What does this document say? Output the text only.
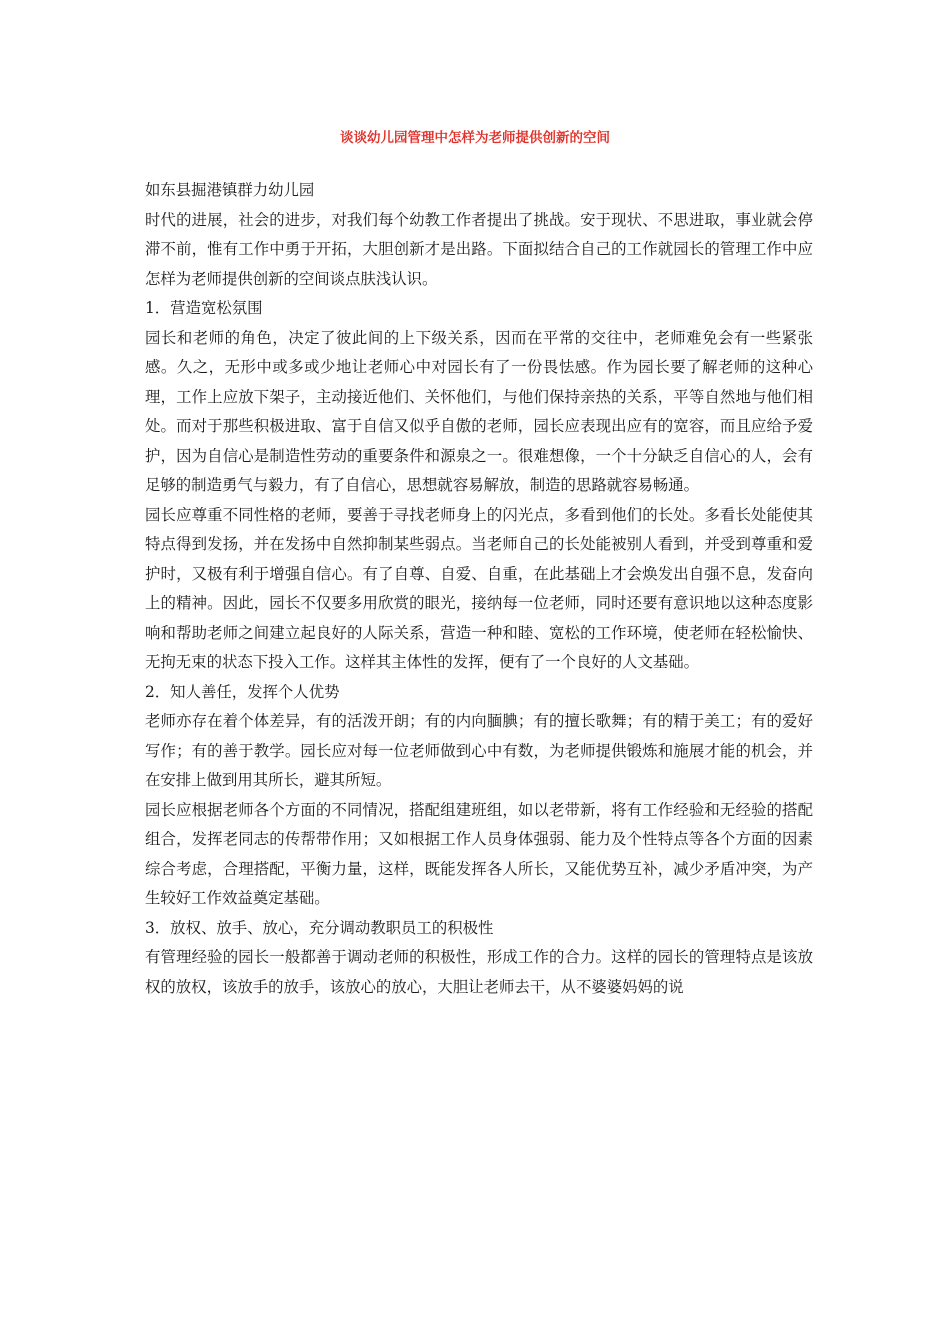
谈谈幼儿园管理中怎样为老师提供创新的空间

如东县掘港镇群力幼儿园

时代的进展，社会的进步，对我们每个幼教工作者提出了挑战。安于现状、不思进取，事业就会停滞不前，惟有工作中勇于开拓，大胆创新才是出路。下面拟结合自己的工作就园长的管理工作中应怎样为老师提供创新的空间谈点肤浅认识。

1．营造宽松氛围

园长和老师的角色，决定了彼此间的上下级关系，因而在平常的交往中，老师难免会有一些紧张感。久之，无形中或多或少地让老师心中对园长有了一份畏怯感。作为园长要了解老师的这种心理，工作上应放下架子，主动接近他们、关怀他们，与他们保持亲热的关系，平等自然地与他们相处。而对于那些积极进取、富于自信又似乎自傲的老师，园长应表现出应有的宽容，而且应给予爱护，因为自信心是制造性劳动的重要条件和源泉之一。很难想像，一个十分缺乏自信心的人，会有足够的制造勇气与毅力，有了自信心，思想就容易解放，制造的思路就容易畅通。

园长应尊重不同性格的老师，要善于寻找老师身上的闪光点，多看到他们的长处。多看长处能使其特点得到发扬，并在发扬中自然抑制某些弱点。当老师自己的长处能被别人看到，并受到尊重和爱护时，又极有利于增强自信心。有了自尊、自爱、自重，在此基础上才会焕发出自强不息，发奋向上的精神。因此，园长不仅要多用欣赏的眼光，接纳每一位老师，同时还要有意识地以这种态度影响和帮助老师之间建立起良好的人际关系，营造一种和睦、宽松的工作环境，使老师在轻松愉快、无拘无束的状态下投入工作。这样其主体性的发挥，便有了一个良好的人文基础。

2．知人善任，发挥个人优势

老师亦存在着个体差异，有的活泼开朗；有的内向腼腆；有的擅长歌舞；有的精于美工；有的爱好写作；有的善于教学。园长应对每一位老师做到心中有数，为老师提供锻炼和施展才能的机会，并在安排上做到用其所长，避其所短。

园长应根据老师各个方面的不同情况，搭配组建班组，如以老带新，将有工作经验和无经验的搭配组合，发挥老同志的传帮带作用；又如根据工作人员身体强弱、能力及个性特点等各个方面的因素综合考虑，合理搭配，平衡力量，这样，既能发挥各人所长，又能优势互补，减少矛盾冲突，为产生较好工作效益奠定基础。

3．放权、放手、放心，充分调动教职员工的积极性

有管理经验的园长一般都善于调动老师的积极性，形成工作的合力。这样的园长的管理特点是该放权的放权，该放手的放手，该放心的放心，大胆让老师去干，从不婆婆妈妈的说
